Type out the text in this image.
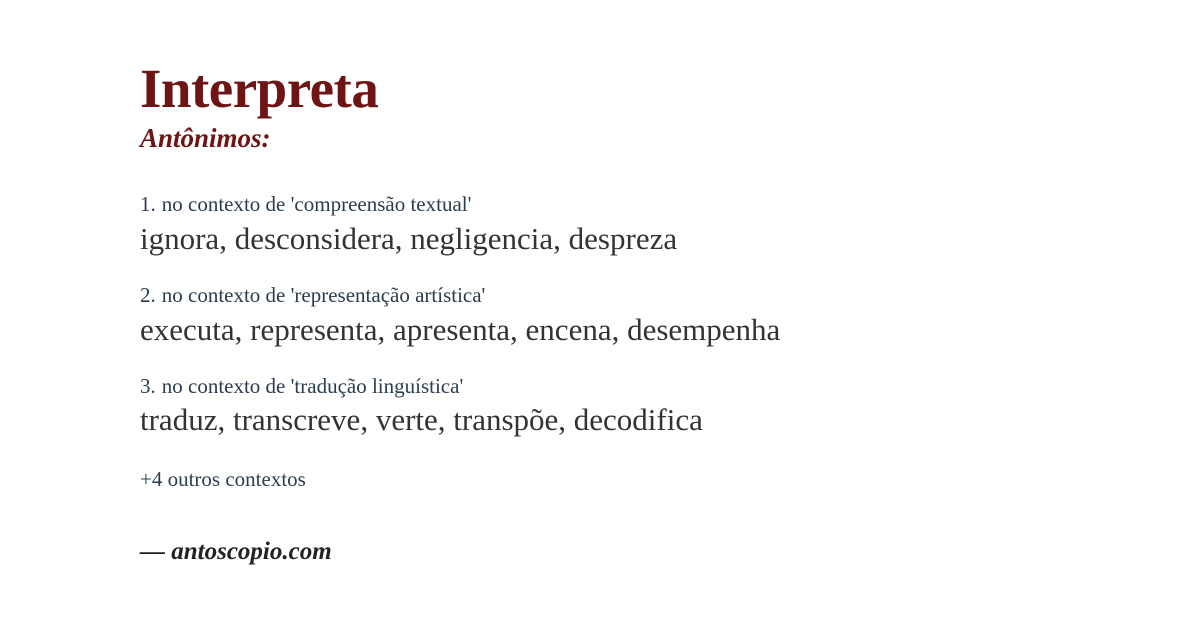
Interpreta
Antônimos:
1. no contexto de 'compreensão textual'
ignora, desconsidera, negligencia, despreza
2. no contexto de 'representação artística'
executa, representa, apresenta, encena, desempenha
3. no contexto de 'tradução linguística'
traduz, transcreve, verte, transpõe, decodifica
+4 outros contextos
— antoscopio.com
